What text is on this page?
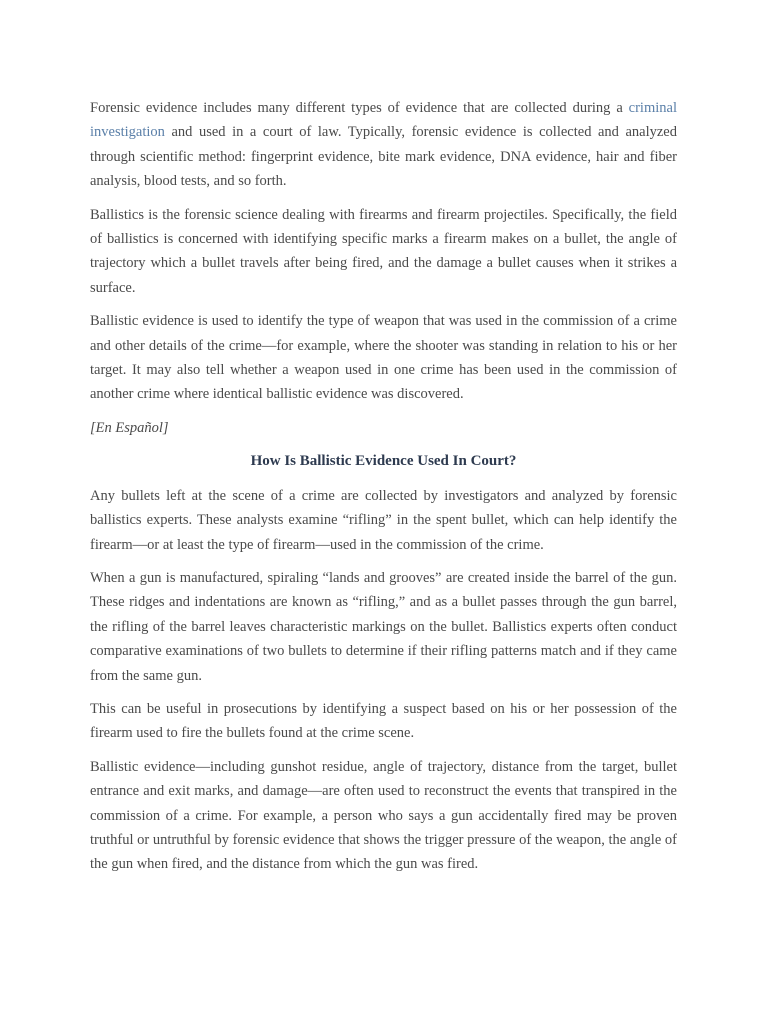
Forensic evidence includes many different types of evidence that are collected during a criminal investigation and used in a court of law. Typically, forensic evidence is collected and analyzed through scientific method: fingerprint evidence, bite mark evidence, DNA evidence, hair and fiber analysis, blood tests, and so forth.

Ballistics is the forensic science dealing with firearms and firearm projectiles. Specifically, the field of ballistics is concerned with identifying specific marks a firearm makes on a bullet, the angle of trajectory which a bullet travels after being fired, and the damage a bullet causes when it strikes a surface.

Ballistic evidence is used to identify the type of weapon that was used in the commission of a crime and other details of the crime—for example, where the shooter was standing in relation to his or her target. It may also tell whether a weapon used in one crime has been used in the commission of another crime where identical ballistic evidence was discovered.

[En Español]

How Is Ballistic Evidence Used In Court?

Any bullets left at the scene of a crime are collected by investigators and analyzed by forensic ballistics experts. These analysts examine “rifling” in the spent bullet, which can help identify the firearm—or at least the type of firearm—used in the commission of the crime.

When a gun is manufactured, spiraling “lands and grooves” are created inside the barrel of the gun. These ridges and indentations are known as “rifling,” and as a bullet passes through the gun barrel, the rifling of the barrel leaves characteristic markings on the bullet. Ballistics experts often conduct comparative examinations of two bullets to determine if their rifling patterns match and if they came from the same gun.

This can be useful in prosecutions by identifying a suspect based on his or her possession of the firearm used to fire the bullets found at the crime scene.

Ballistic evidence—including gunshot residue, angle of trajectory, distance from the target, bullet entrance and exit marks, and damage—are often used to reconstruct the events that transpired in the commission of a crime. For example, a person who says a gun accidentally fired may be proven truthful or untruthful by forensic evidence that shows the trigger pressure of the weapon, the angle of the gun when fired, and the distance from which the gun was fired.
